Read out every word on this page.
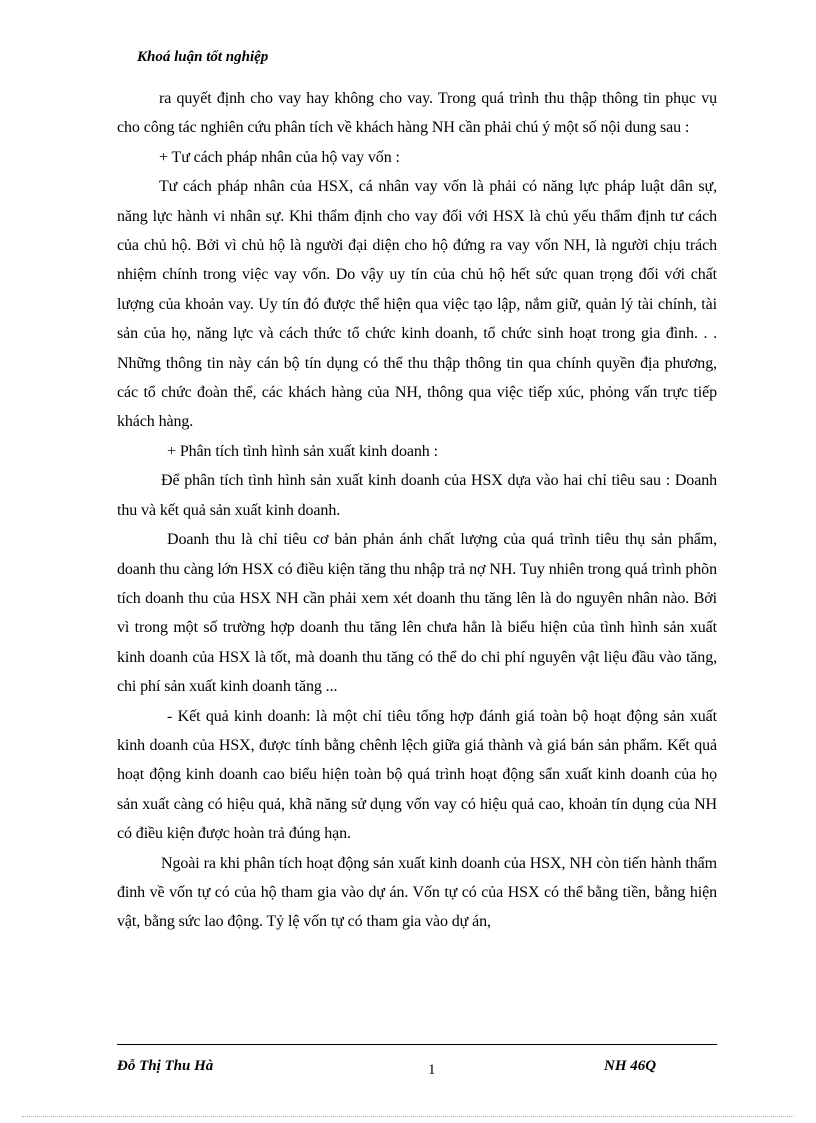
Khoá luận tốt nghiệp

ra quyết định cho vay hay không cho vay. Trong quá trình thu thập thông tin phục vụ cho công tác nghiên cứu phân tích về khách hàng NH cần phải chú ý một số nội dung sau :

+ Tư cách pháp nhân của hộ vay vốn :

Tư cách pháp nhân của HSX, cá nhân vay vốn là phải có năng lực pháp luật dân sự, năng lực hành vi nhân sự. Khi thẩm định cho vay đối với HSX là chủ yếu thẩm định tư cách của chủ hộ. Bởi vì chủ hộ là người đại diện cho hộ đứng ra vay vốn NH, là người chịu trách nhiệm chính trong việc vay vốn. Do vậy uy tín của chủ hộ hết sức quan trọng đối với chất lượng của khoản vay. Uy tín đó được thể hiện qua việc tạo lập, nắm giữ, quản lý tài chính, tài sản của họ, năng lực và cách thức tổ chức kinh doanh, tổ chức sinh hoạt trong gia đình. . . Những thông tin này cán bộ tín dụng có thể thu thập thông tin qua chính quyền địa phương, các tổ chức đoàn thể, các khách hàng của NH, thông qua việc tiếp xúc, phỏng vấn trực tiếp khách hàng.

+ Phân tích tình hình sản xuất kinh doanh :

Để phân tích tình hình sản xuất kinh doanh của HSX dựa vào hai chỉ tiêu sau : Doanh thu và kết quả sản xuất kinh doanh.

Doanh thu là chỉ tiêu cơ bản phản ánh chất lượng của quá trình tiêu thụ sản phẩm, doanh thu càng lớn HSX có điều kiện tăng thu nhập trả nợ NH. Tuy nhiên trong quá trình phõn tích doanh thu của HSX NH cần phải xem xét doanh thu tăng lên là do nguyên nhân nào. Bởi vì trong một số trường hợp doanh thu tăng lên chưa hẳn là biểu hiện của tình hình sản xuất kinh doanh của HSX là tốt, mà doanh thu tăng có thể do chi phí nguyên vật liệu đầu vào tăng, chi phí sản xuất kinh doanh tăng ...

- Kết quả kinh doanh: là một chỉ tiêu tổng hợp đánh giá toàn bộ hoạt động sản xuất kinh doanh của HSX, được tính bằng chênh lệch giữa giá thành và giá bán sản phẩm. Kết quả hoạt động kinh doanh cao biểu hiện toàn bộ quá trình hoạt động sẩn xuất kinh doanh của họ sản xuất càng có hiệu quả, khã năng sử dụng vốn vay có hiệu quả cao, khoản tín dụng của NH có điều kiện được hoàn trả đúng hạn.

Ngoài ra khi phân tích hoạt động sản xuất kinh doanh của HSX, NH còn tiến hành thẩm đinh về vốn tự có của hộ tham gia vào dự án. Vốn tự có của HSX có thể bằng tiền, bằng hiện vật, bằng sức lao động. Tỷ lệ vốn tự có tham gia vào dự án,

Đỗ Thị Thu Hà	1	NH 46Q
